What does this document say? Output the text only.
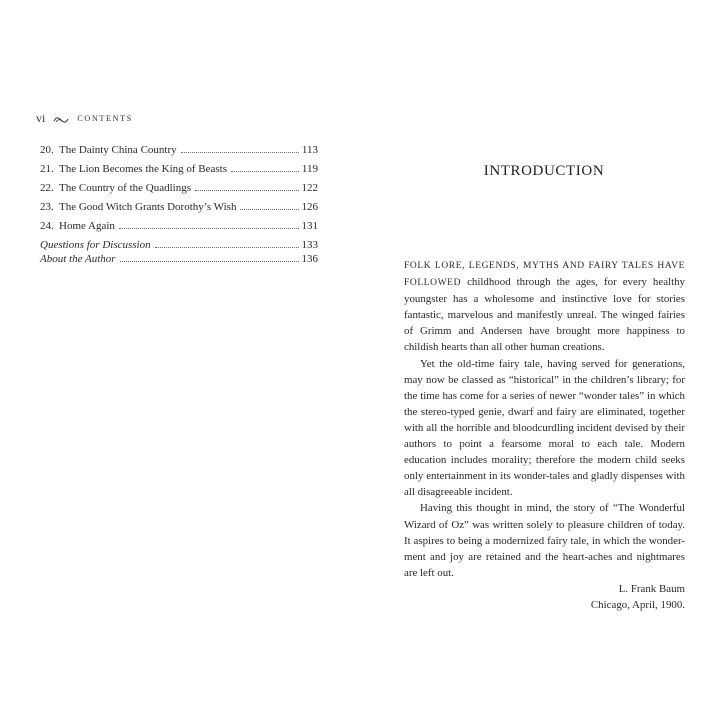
vi	CONTENTS
20. The Dainty China Country	113
21. The Lion Becomes the King of Beasts	119
22. The Country of the Quadlings	122
23. The Good Witch Grants Dorothy’s Wish	126
24. Home Again	131
Questions for Discussion	133
About the Author	136
INTRODUCTION

FOLK LORE, LEGENDS, MYTHS AND FAIRY TALES HAVE FOLLOWED childhood through the ages, for every healthy youngster has a wholesome and instinctive love for stories fantastic, marvelous and manifestly unreal. The winged fairies of Grimm and Andersen have brought more happiness to childish hearts than all other human creations.

Yet the old-time fairy tale, having served for generations, may now be classed as “historical” in the children’s library; for the time has come for a series of newer “wonder tales” in which the stereo-typed genie, dwarf and fairy are eliminated, together with all the horrible and bloodcurdling incident devised by their authors to point a fearsome moral to each tale. Modern education includes morality; therefore the modern child seeks only entertainment in its wonder-tales and gladly dispenses with all disagreeable incident.

Having this thought in mind, the story of “The Wonderful Wizard of Oz” was written solely to pleasure children of today. It aspires to being a modernized fairy tale, in which the wonder-ment and joy are retained and the heart-aches and nightmares are left out.

L. Frank Baum
Chicago, April, 1900.
